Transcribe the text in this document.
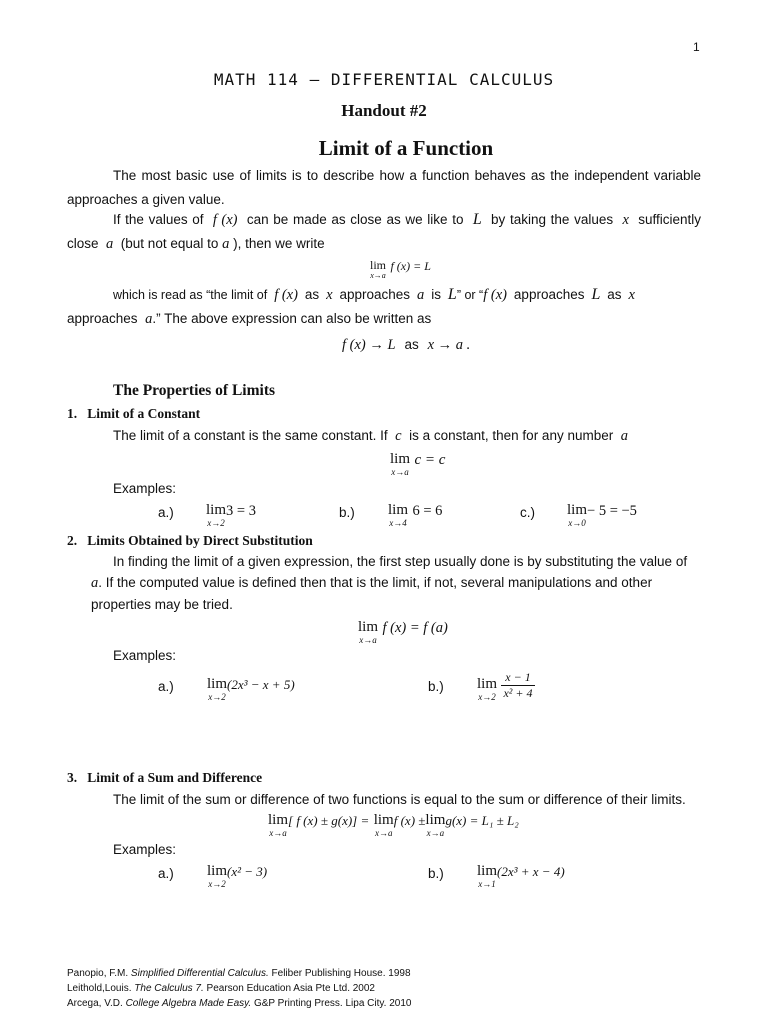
1
MATH 114 – DIFFERENTIAL CALCULUS
Handout #2
Limit of a Function
The most basic use of limits is to describe how a function behaves as the independent variable approaches a given value.
If the values of f (x) can be made as close as we like to L by taking the values x sufficiently close a (but not equal to a ), then we write
lim
x→a
$^{f (x) = L}$
which is read as “the limit of f (x) as x approaches a is L” or “f (x) approaches L as x
approaches a.” The above expression can also be written as
f (x) → L as x → a .
The Properties of Limits
1. Limit of a Constant
The limit of a constant is the same constant. If c is a constant, then for any number a
lim
x→a
c = c
Examples:
a.) lim
x→2
3 = 3	b.) lim
x→4
6 = 6	c.) lim
x→0
− 5 = −5
2. Limits Obtained by Direct Substitution
In finding the limit of a given expression, the first step usually done is by substituting the value of
a. If the computed value is defined then that is the limit, if not, several manipulations and other
properties may be tried.
lim
x→a
f (x) = f (a)
Examples:
a.) lim
x→2
$^{(2x^3 - x + 5)}$	b.) lim
x→2
$\frac{x - 1}{\text{x² + 4}}$
3. Limit of a Sum and Difference
The limit of the sum or difference of two functions is equal to the sum or difference of their limits.
lim
x→a
$^{[ f (x) \pm g(x)] =}$ lim
x→a
$^{f (x) \pm}$ lim
x→a
$^{g(x) = L_1 \pm L_2}$
Examples:
a.) lim
x→2
$^{(x^2 - 3)}$	b.) lim
x→1
$^{(2x^3 + x - 4)}$
Panopio, F.M. Simplified Differential Calculus. Feliber Publishing House. 1998
Leithold,Louis. The Calculus 7. Pearson Education Asia Pte Ltd. 2002
Arcega, V.D. College Algebra Made Easy. G&P Printing Press. Lipa City. 2010
